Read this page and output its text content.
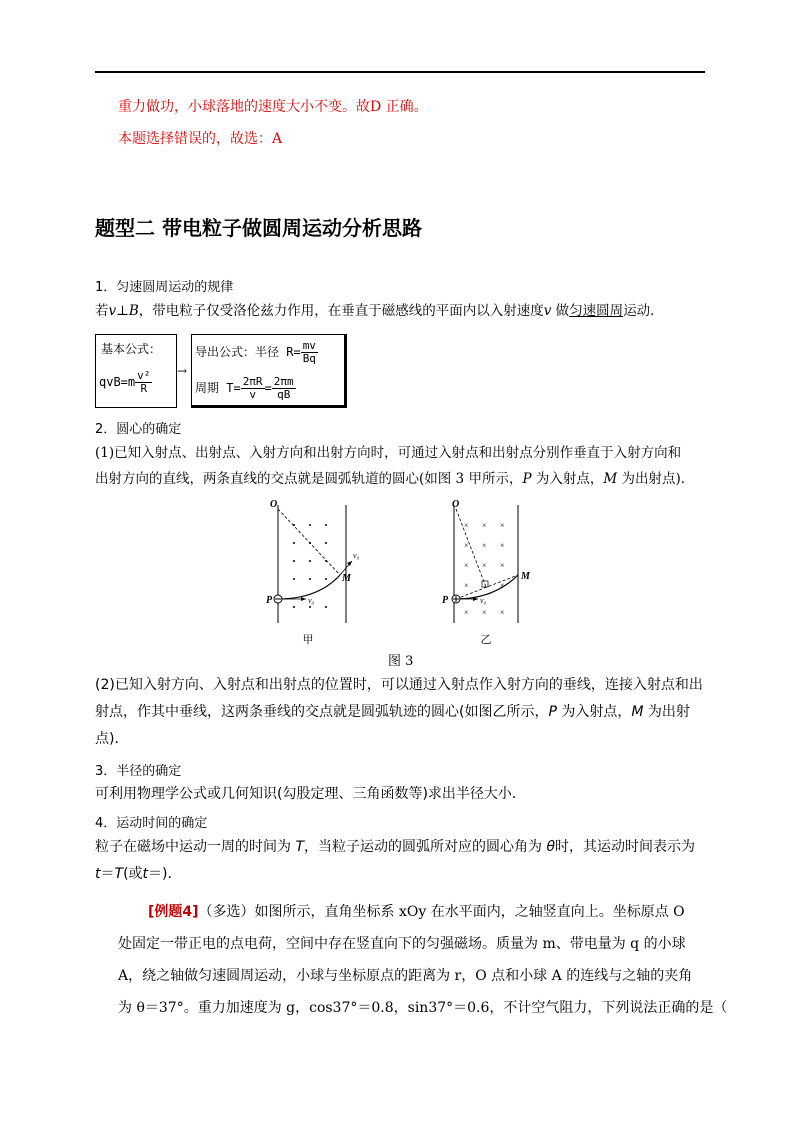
重力做功，小球落地的速度大小不变。故D 正确。
本题选择错误的，故选：A
题型二 带电粒子做圆周运动分析思路
1．匀速圆周运动的规律
若v⊥B，带电粒子仅受洛伦兹力作用，在垂直于磁感线的平面内以入射速度v 做匀速圆周运动．
基本公式：
$qvB=m \frac{\text{v²}}{R}$ →
导出公式：半径 $R= \frac{mv}{Bq}$
周期 $T= \frac{2\pi R}{v} = \frac{2\pi m}{qB}$
2．圆心的确定
(1)已知入射点、出射点、入射方向和出射方向时，可通过入射点和出射点分别作垂直于入射方向和
出射方向的直线，两条直线的交点就是圆弧轨道的圆心(如图 3 甲所示，P 为入射点，M 为出射点)．
O
v₀
M
v₀
P
甲
O
× × ×
× × ×
× × ×
×	×
× × ×
v₀
P
M
乙
图 3
(2)已知入射方向、入射点和出射点的位置时，可以通过入射点作入射方向的垂线，连接入射点和出
射点，作其中垂线，这两条垂线的交点就是圆弧轨迹的圆心(如图乙所示，P 为入射点，M 为出射
点)．
3．半径的确定
可利用物理学公式或几何知识(勾股定理、三角函数等)求出半径大小．
4．运动时间的确定
粒子在磁场中运动一周的时间为 T，当粒子运动的圆弧所对应的圆心角为 θ时，其运动时间表示为
t＝T(或t＝)．
[例题4]（多选）如图所示，直角坐标系 xOy 在水平面内，之轴竖直向上。坐标原点 O
处固定一带正电的点电荷，空间中存在竖直向下的匀强磁场。质量为 m、带电量为 q 的小球
A，绕之轴做匀速圆周运动，小球与坐标原点的距离为 r，O 点和小球 A 的连线与之轴的夹角
为 θ＝37°。重力加速度为 g，cos37°＝0.8，sin37°＝0.6，不计空气阻力，下列说法正确的是（
